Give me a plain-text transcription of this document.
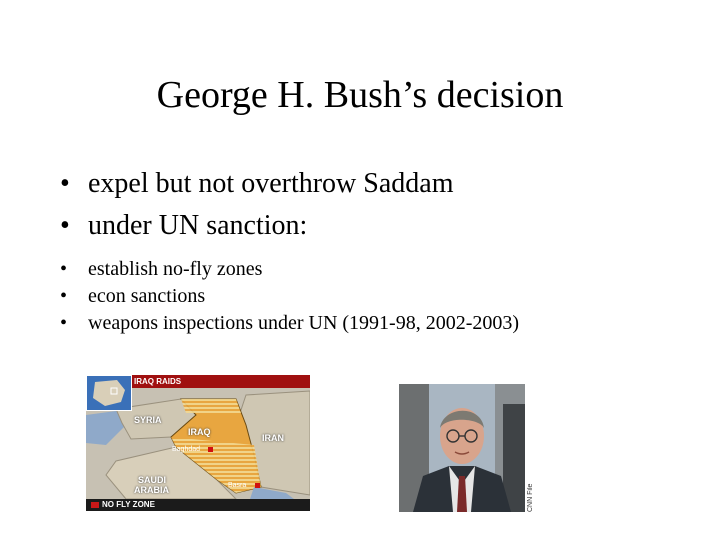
George H. Bush’s decision
• expel but not overthrow Saddam
• under UN sanction:
• establish no-fly zones
• econ sanctions
• weapons inspections under UN (1991-98, 2002-2003)
IRAQ RAIDS
SYRIA
IRAQ
IRAN
SAUDI
ARABIA
Baghdad
Basra
NO FLY ZONE	CNN File
